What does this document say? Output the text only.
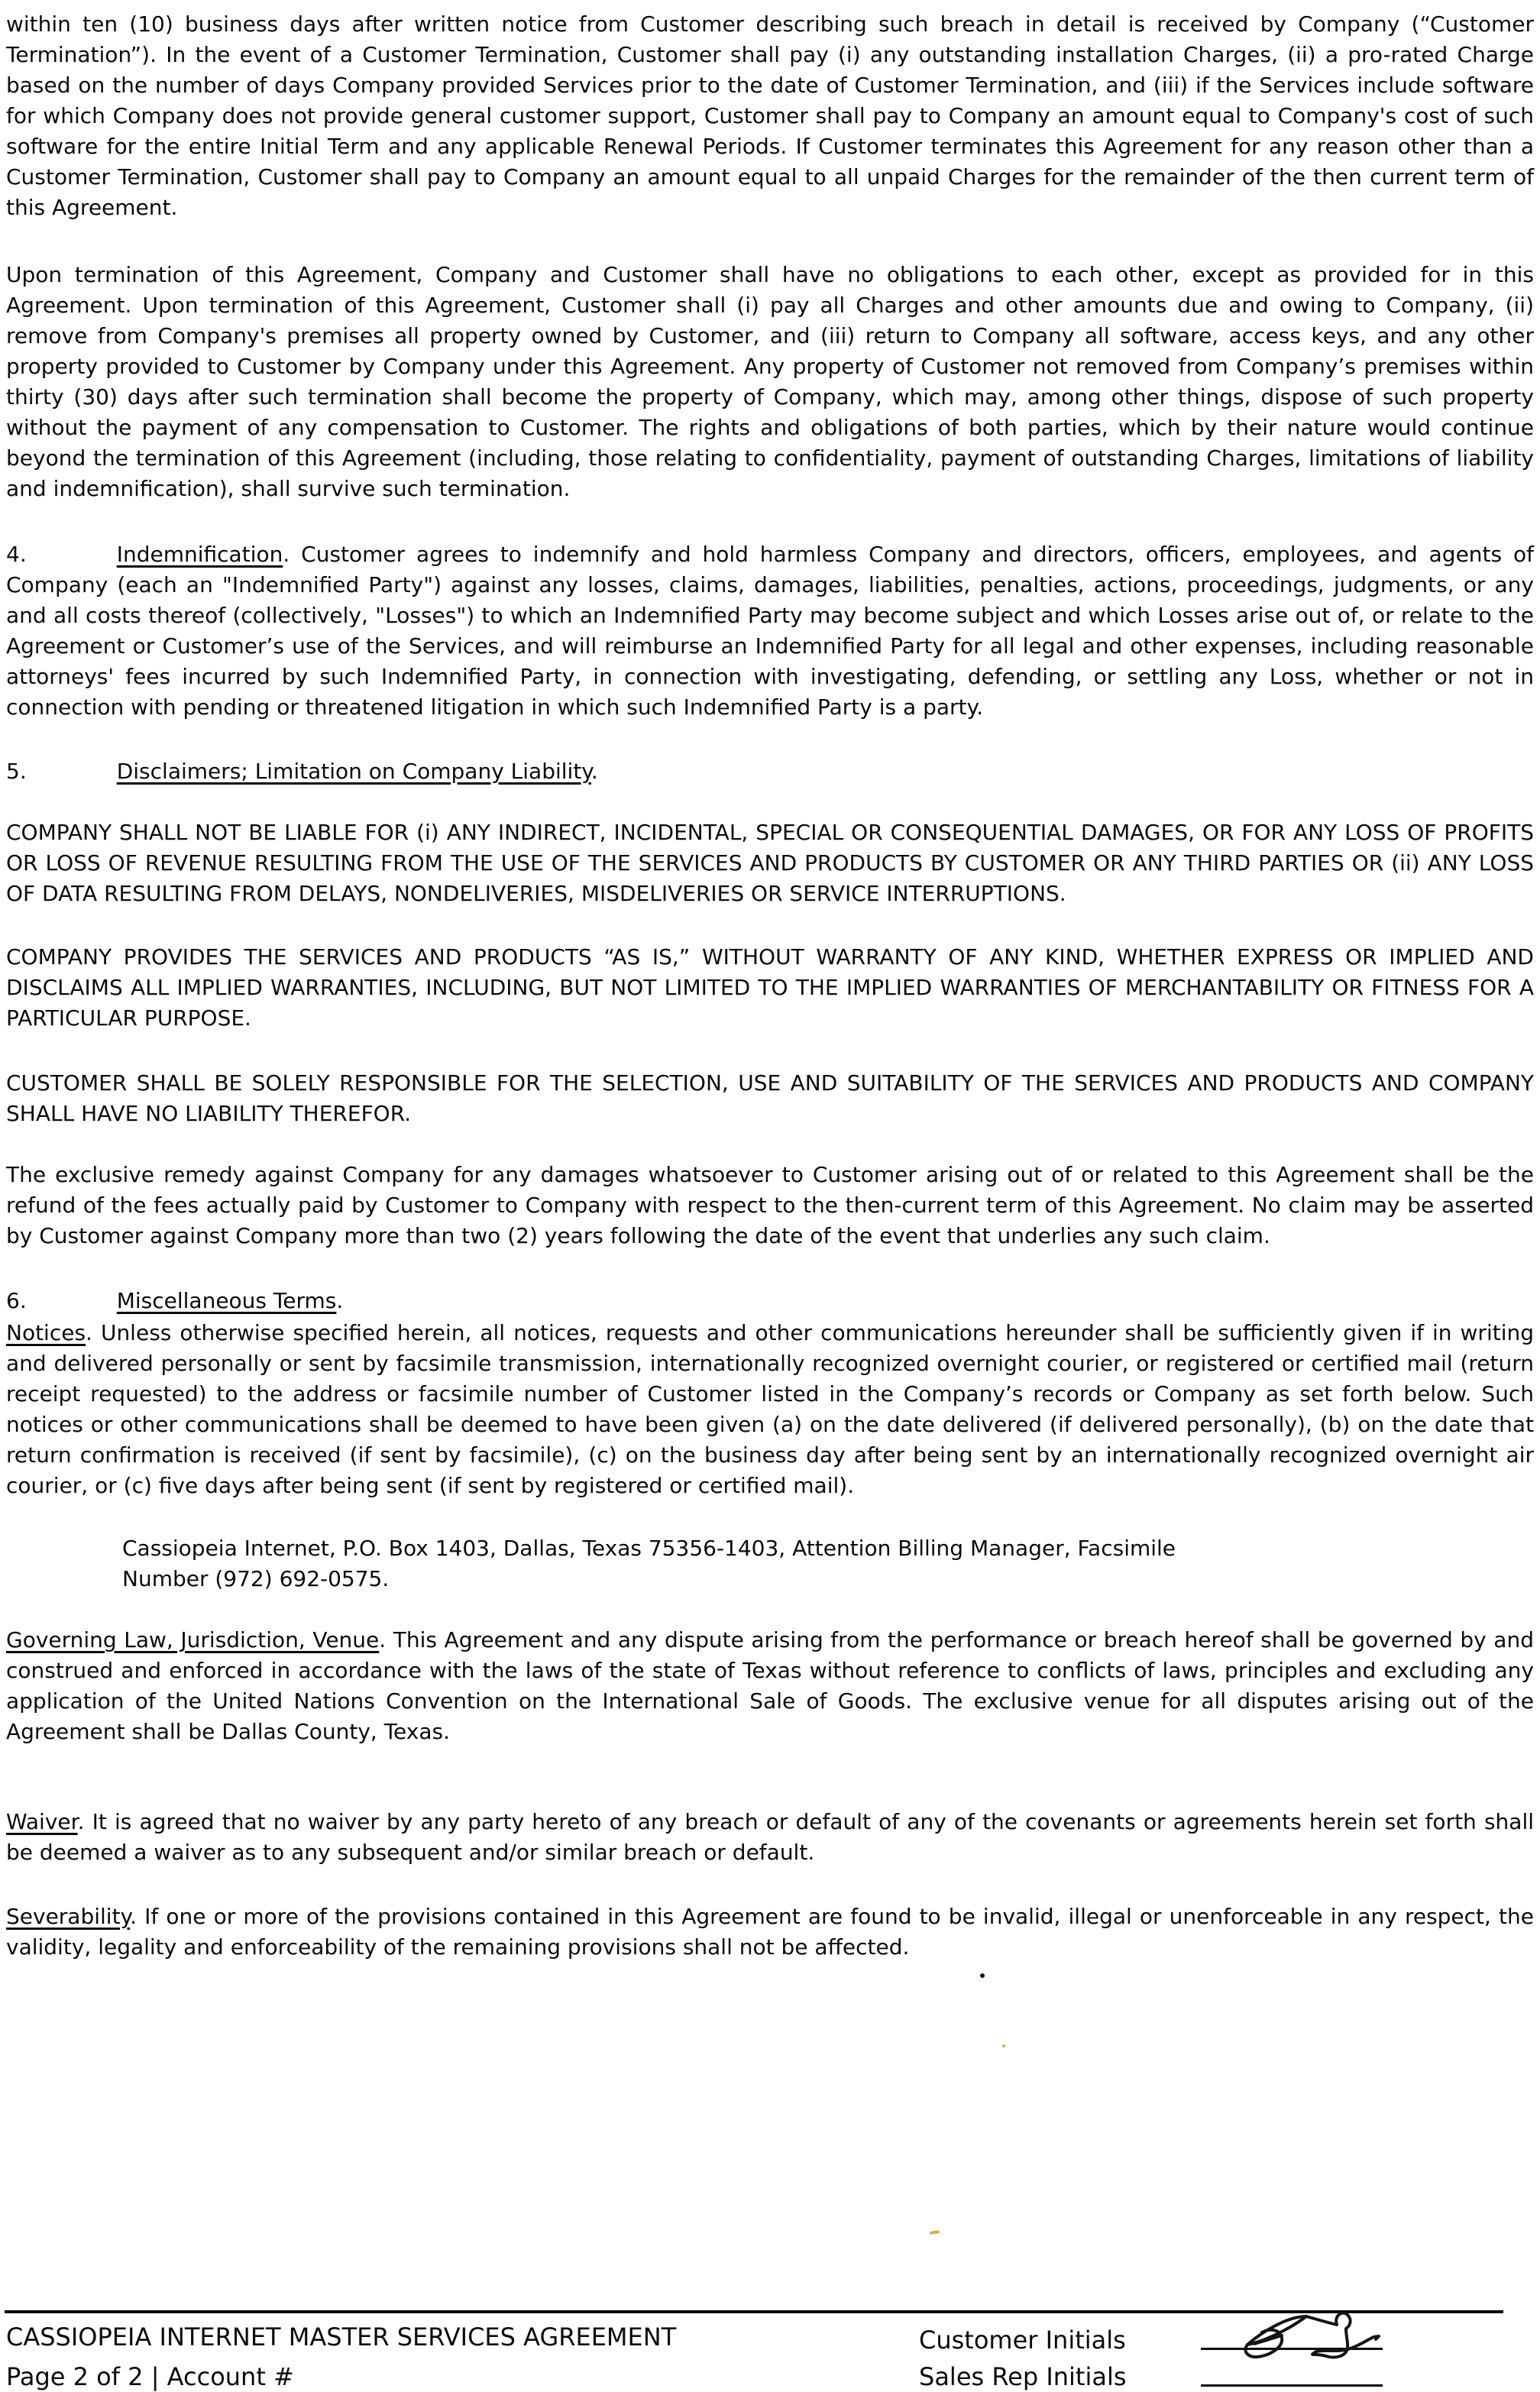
within ten (10) business days after written notice from Customer describing such breach in detail is received by Company (“Customer Termination”). In the event of a Customer Termination, Customer shall pay (i) any outstanding installation Charges, (ii) a pro-rated Charge based on the number of days Company provided Services prior to the date of Customer Termination, and (iii) if the Services include software for which Company does not provide general customer support, Customer shall pay to Company an amount equal to Company's cost of such software for the entire Initial Term and any applicable Renewal Periods. If Customer terminates this Agreement for any reason other than a Customer Termination, Customer shall pay to Company an amount equal to all unpaid Charges for the remainder of the then current term of this Agreement.

Upon termination of this Agreement, Company and Customer shall have no obligations to each other, except as provided for in this Agreement. Upon termination of this Agreement, Customer shall (i) pay all Charges and other amounts due and owing to Company, (ii) remove from Company's premises all property owned by Customer, and (iii) return to Company all software, access keys, and any other property provided to Customer by Company under this Agreement. Any property of Customer not removed from Company’s premises within thirty (30) days after such termination shall become the property of Company, which may, among other things, dispose of such property without the payment of any compensation to Customer. The rights and obligations of both parties, which by their nature would continue beyond the termination of this Agreement (including, those relating to confidentiality, payment of outstanding Charges, limitations of liability and indemnification), shall survive such termination.

4.	Indemnification. Customer agrees to indemnify and hold harmless Company and directors, officers, employees, and agents of Company (each an "Indemnified Party") against any losses, claims, damages, liabilities, penalties, actions, proceedings, judgments, or any and all costs thereof (collectively, "Losses") to which an Indemnified Party may become subject and which Losses arise out of, or relate to the Agreement or Customer’s use of the Services, and will reimburse an Indemnified Party for all legal and other expenses, including reasonable attorneys' fees incurred by such Indemnified Party, in connection with investigating, defending, or settling any Loss, whether or not in connection with pending or threatened litigation in which such Indemnified Party is a party.

5.	Disclaimers; Limitation on Company Liability.

COMPANY SHALL NOT BE LIABLE FOR (i) ANY INDIRECT, INCIDENTAL, SPECIAL OR CONSEQUENTIAL DAMAGES, OR FOR ANY LOSS OF PROFITS OR LOSS OF REVENUE RESULTING FROM THE USE OF THE SERVICES AND PRODUCTS BY CUSTOMER OR ANY THIRD PARTIES OR (ii) ANY LOSS OF DATA RESULTING FROM DELAYS, NONDELIVERIES, MISDELIVERIES OR SERVICE INTERRUPTIONS.

COMPANY PROVIDES THE SERVICES AND PRODUCTS “AS IS,” WITHOUT WARRANTY OF ANY KIND, WHETHER EXPRESS OR IMPLIED AND DISCLAIMS ALL IMPLIED WARRANTIES, INCLUDING, BUT NOT LIMITED TO THE IMPLIED WARRANTIES OF MERCHANTABILITY OR FITNESS FOR A PARTICULAR PURPOSE.

CUSTOMER SHALL BE SOLELY RESPONSIBLE FOR THE SELECTION, USE AND SUITABILITY OF THE SERVICES AND PRODUCTS AND COMPANY SHALL HAVE NO LIABILITY THEREFOR.

The exclusive remedy against Company for any damages whatsoever to Customer arising out of or related to this Agreement shall be the refund of the fees actually paid by Customer to Company with respect to the then-current term of this Agreement. No claim may be asserted by Customer against Company more than two (2) years following the date of the event that underlies any such claim.

6.	Miscellaneous Terms.

Notices. Unless otherwise specified herein, all notices, requests and other communications hereunder shall be sufficiently given if in writing and delivered personally or sent by facsimile transmission, internationally recognized overnight courier, or registered or certified mail (return receipt requested) to the address or facsimile number of Customer listed in the Company’s records or Company as set forth below. Such notices or other communications shall be deemed to have been given (a) on the date delivered (if delivered personally), (b) on the date that return confirmation is received (if sent by facsimile), (c) on the business day after being sent by an internationally recognized overnight air courier, or (c) five days after being sent (if sent by registered or certified mail).

Cassiopeia Internet, P.O. Box 1403, Dallas, Texas 75356-1403, Attention Billing Manager, Facsimile
Number (972) 692-0575.

Governing Law, Jurisdiction, Venue. This Agreement and any dispute arising from the performance or breach hereof shall be governed by and construed and enforced in accordance with the laws of the state of Texas without reference to conflicts of laws, principles and excluding any application of the United Nations Convention on the International Sale of Goods. The exclusive venue for all disputes arising out of the Agreement shall be Dallas County, Texas.

Waiver. It is agreed that no waiver by any party hereto of any breach or default of any of the covenants or agreements herein set forth shall be deemed a waiver as to any subsequent and/or similar breach or default.

Severability. If one or more of the provisions contained in this Agreement are found to be invalid, illegal or unenforceable in any respect, the validity, legality and enforceability of the remaining provisions shall not be affected.

CASSIOPEIA INTERNET MASTER SERVICES AGREEMENT
Page 2 of 2 | Account #
Customer Initials
Sales Rep Initials
